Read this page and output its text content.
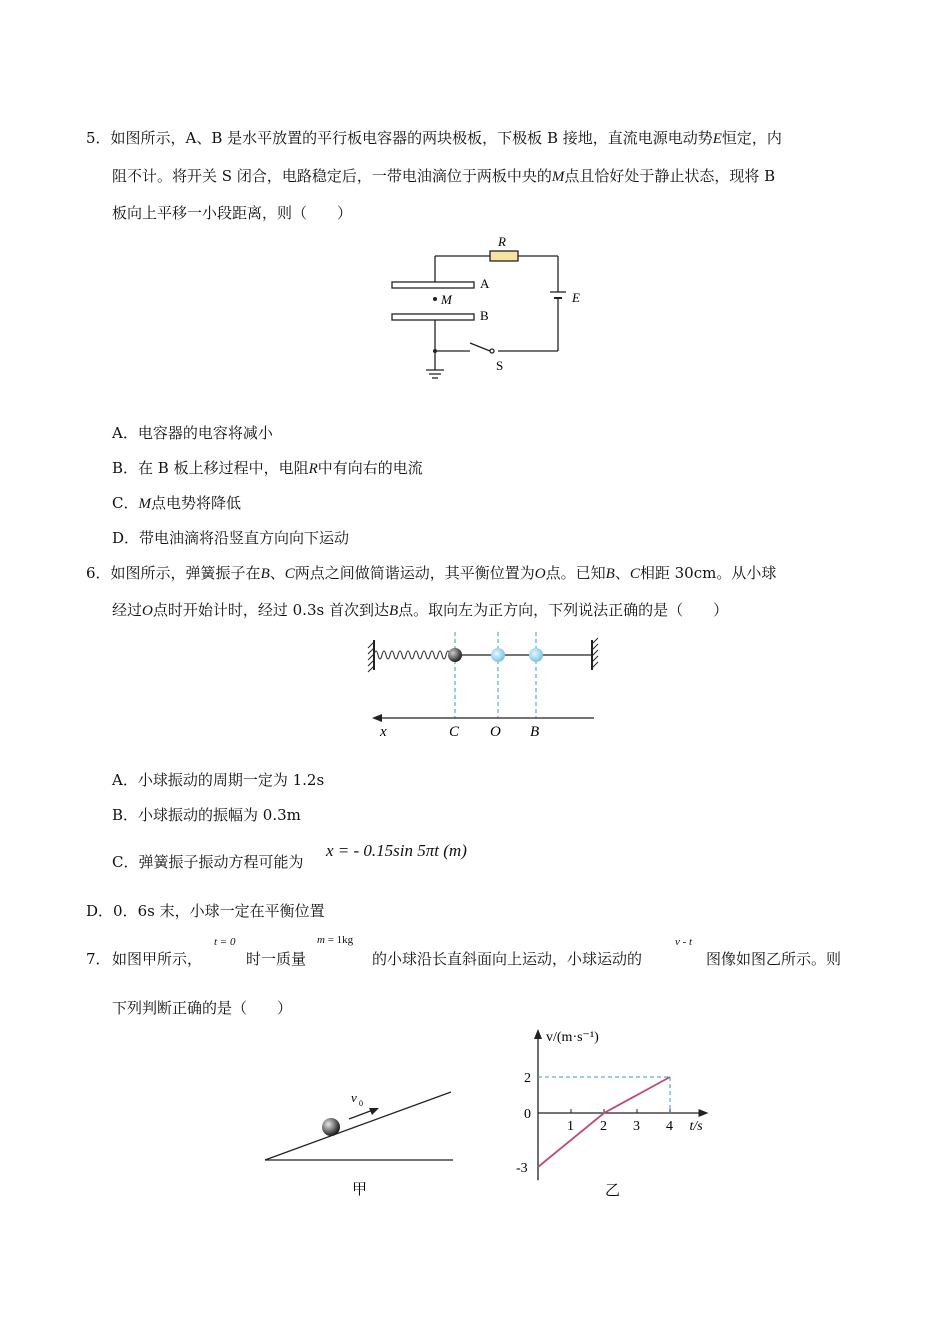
5．如图所示，A、B 是水平放置的平行板电容器的两块极板，下极板 B 接地，直流电源电动势E恒定，内
阻不计。将开关 S 闭合，电路稳定后，一带电油滴位于两板中央的M点且恰好处于静止状态，现将 B
板向上平移一小段距离，则（　　）
R
A
M
B
E
S
A．电容器的电容将减小
B．在 B 板上移过程中，电阻R中有向右的电流
C．M点电势将降低
D．带电油滴将沿竖直方向向下运动
6．如图所示，弹簧振子在B、C两点之间做简谐运动，其平衡位置为O点。已知B、C相距 30cm。从小球
经过O点时开始计时，经过 0.3s 首次到达B点。取向左为正方向，下列说法正确的是（　　）
x	C O B
A．小球振动的周期一定为 1.2s
B．小球振动的振幅为 0.3m
C．弹簧振子振动方程可能为
x = - 0.15sin 5πt (m)
D．0．6s 末，小球一定在平衡位置
7． 如图甲所示，
t = 0
时一质量
m = 1kg
的小球沿长直斜面向上运动，小球运动的
v - t
图像如图乙所示。则
下列判断正确的是（　　）
v 0
甲
1 2 3 4
2
0
-3
v/(m·s⁻¹)
t/s
乙
